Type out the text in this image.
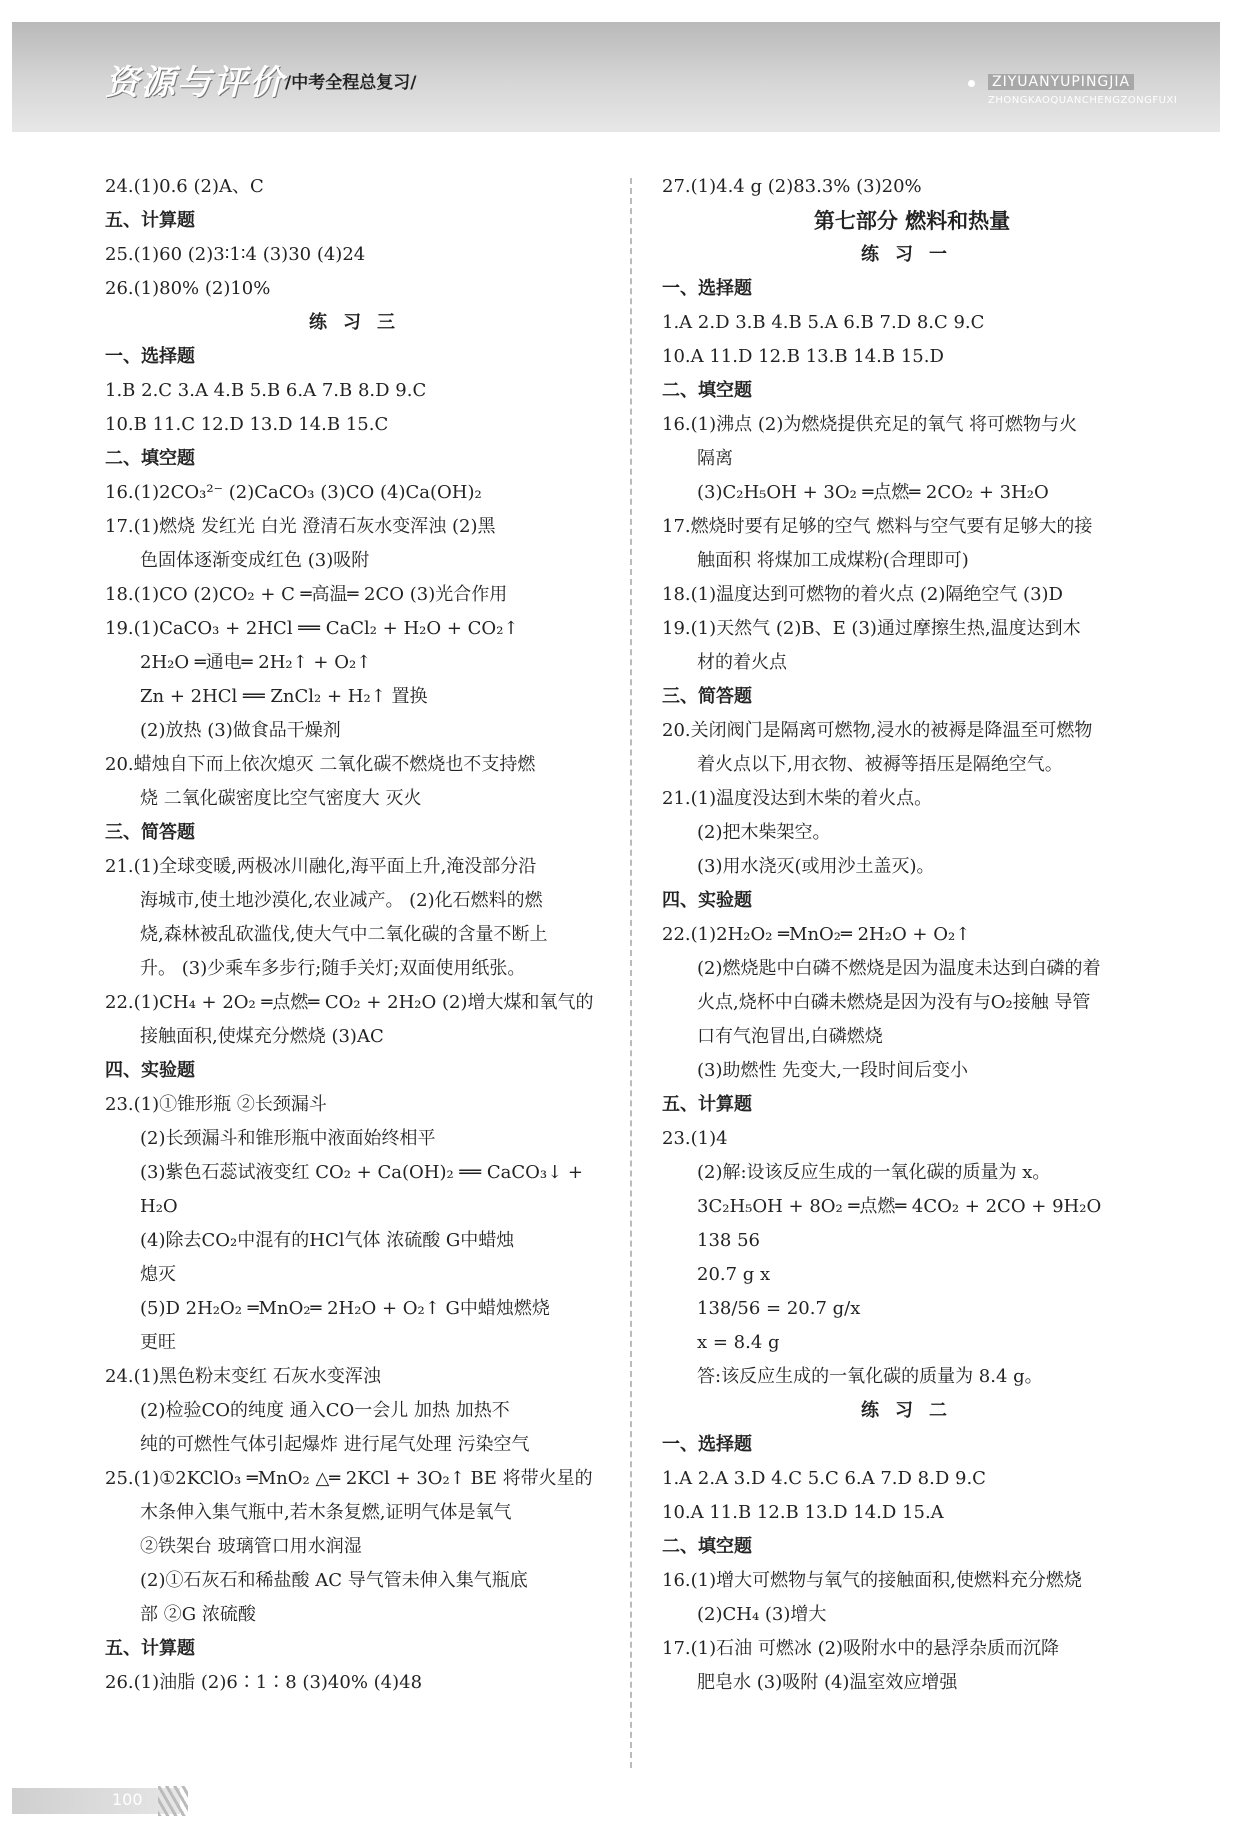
资源与评价 /中考全程总复习/	ZIYUANYUPINGJIA
ZHONGKAOQUANCHENGZONGFUXI
24.(1)0.6 (2)A、C
五、计算题
25.(1)60 (2)3∶1∶4 (3)30 (4)24
26.(1)80% (2)10%
练习三
一、选择题
1.B 2.C 3.A 4.B 5.B 6.A 7.B 8.D 9.C
10.B 11.C 12.D 13.D 14.B 15.C
二、填空题
16.(1)2CO₃²⁻ (2)CaCO₃ (3)CO (4)Ca(OH)₂
17.(1)燃烧 发红光 白光 澄清石灰水变浑浊 (2)黑
色固体逐渐变成红色 (3)吸附
18.(1)CO (2)CO₂ + C ═高温═ 2CO (3)光合作用
19.(1)CaCO₃ + 2HCl ══ CaCl₂ + H₂O + CO₂↑
2H₂O ═通电═ 2H₂↑ + O₂↑
Zn + 2HCl ══ ZnCl₂ + H₂↑ 置换
(2)放热 (3)做食品干燥剂
20.蜡烛自下而上依次熄灭 二氧化碳不燃烧也不支持燃
烧 二氧化碳密度比空气密度大 灭火
三、简答题
21.(1)全球变暖,两极冰川融化,海平面上升,淹没部分沿
海城市,使土地沙漠化,农业减产。 (2)化石燃料的燃
烧,森林被乱砍滥伐,使大气中二氧化碳的含量不断上
升。 (3)少乘车多步行;随手关灯;双面使用纸张。
22.(1)CH₄ + 2O₂ ═点燃═ CO₂ + 2H₂O (2)增大煤和氧气的
接触面积,使煤充分燃烧 (3)AC
四、实验题
23.(1)①锥形瓶 ②长颈漏斗
(2)长颈漏斗和锥形瓶中液面始终相平
(3)紫色石蕊试液变红 CO₂ + Ca(OH)₂ ══ CaCO₃↓ +
H₂O
(4)除去CO₂中混有的HCl气体 浓硫酸 G中蜡烛
熄灭
(5)D 2H₂O₂ ═MnO₂═ 2H₂O + O₂↑ G中蜡烛燃烧
更旺
24.(1)黑色粉末变红 石灰水变浑浊
(2)检验CO的纯度 通入CO一会儿 加热 加热不
纯的可燃性气体引起爆炸 进行尾气处理 污染空气
25.(1)①2KClO₃ ═MnO₂ △═ 2KCl + 3O₂↑ BE 将带火星的
木条伸入集气瓶中,若木条复燃,证明气体是氧气
②铁架台 玻璃管口用水润湿
(2)①石灰石和稀盐酸 AC 导气管未伸入集气瓶底
部 ②G 浓硫酸
五、计算题
26.(1)油脂 (2)6∶1∶8 (3)40% (4)48
27.(1)4.4 g (2)83.3% (3)20%
第七部分 燃料和热量
练习一
一、选择题
1.A 2.D 3.B 4.B 5.A 6.B 7.D 8.C 9.C
10.A 11.D 12.B 13.B 14.B 15.D
二、填空题
16.(1)沸点 (2)为燃烧提供充足的氧气 将可燃物与火
隔离
(3)C₂H₅OH + 3O₂ ═点燃═ 2CO₂ + 3H₂O
17.燃烧时要有足够的空气 燃料与空气要有足够大的接
触面积 将煤加工成煤粉(合理即可)
18.(1)温度达到可燃物的着火点 (2)隔绝空气 (3)D
19.(1)天然气 (2)B、E (3)通过摩擦生热,温度达到木
材的着火点
三、简答题
20.关闭阀门是隔离可燃物,浸水的被褥是降温至可燃物
着火点以下,用衣物、被褥等捂压是隔绝空气。
21.(1)温度没达到木柴的着火点。
(2)把木柴架空。
(3)用水浇灭(或用沙土盖灭)。
四、实验题
22.(1)2H₂O₂ ═MnO₂═ 2H₂O + O₂↑
(2)燃烧匙中白磷不燃烧是因为温度未达到白磷的着
火点,烧杯中白磷未燃烧是因为没有与O₂接触 导管
口有气泡冒出,白磷燃烧
(3)助燃性 先变大,一段时间后变小
五、计算题
23.(1)4
(2)解:设该反应生成的一氧化碳的质量为 x。
3C₂H₅OH + 8O₂ ═点燃═ 4CO₂ + 2CO + 9H₂O
138 56
20.7 g x
138/56 = 20.7 g/x
x = 8.4 g
答:该反应生成的一氧化碳的质量为 8.4 g。
练习二
一、选择题
1.A 2.A 3.D 4.C 5.C 6.A 7.D 8.D 9.C
10.A 11.B 12.B 13.D 14.D 15.A
二、填空题
16.(1)增大可燃物与氧气的接触面积,使燃料充分燃烧
(2)CH₄ (3)增大
17.(1)石油 可燃冰 (2)吸附水中的悬浮杂质而沉降
肥皂水 (3)吸附 (4)温室效应增强
100
